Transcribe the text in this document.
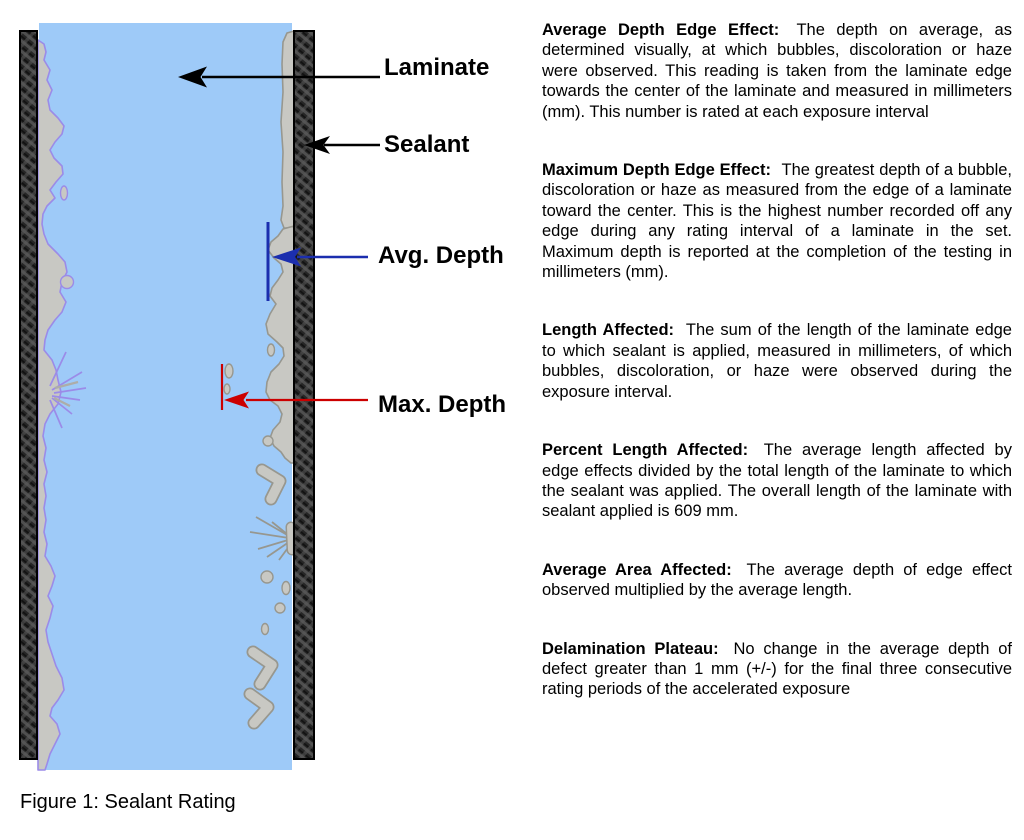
Laminate
Sealant
Avg. Depth
Max. Depth
Figure 1: Sealant Rating

Average Depth Edge Effect: The depth on average, as determined visually, at which bubbles, discoloration or haze were observed. This reading is taken from the laminate edge towards the center of the laminate and measured in millimeters (mm). This number is rated at each exposure interval

Maximum Depth Edge Effect: The greatest depth of a bubble, discoloration or haze as measured from the edge of a laminate toward the center. This is the highest number recorded off any edge during any rating interval of a laminate in the set. Maximum depth is reported at the completion of the testing in millimeters (mm).

Length Affected: The sum of the length of the laminate edge to which sealant is applied, measured in millimeters, of which bubbles, discoloration, or haze were observed during the exposure interval.

Percent Length Affected: The average length affected by edge effects divided by the total length of the laminate to which the sealant was applied. The overall length of the laminate with sealant applied is 609 mm.

Average Area Affected: The average depth of edge effect observed multiplied by the average length.

Delamination Plateau: No change in the average depth of defect greater than 1 mm (+/-) for the final three consecutive rating periods of the accelerated exposure
